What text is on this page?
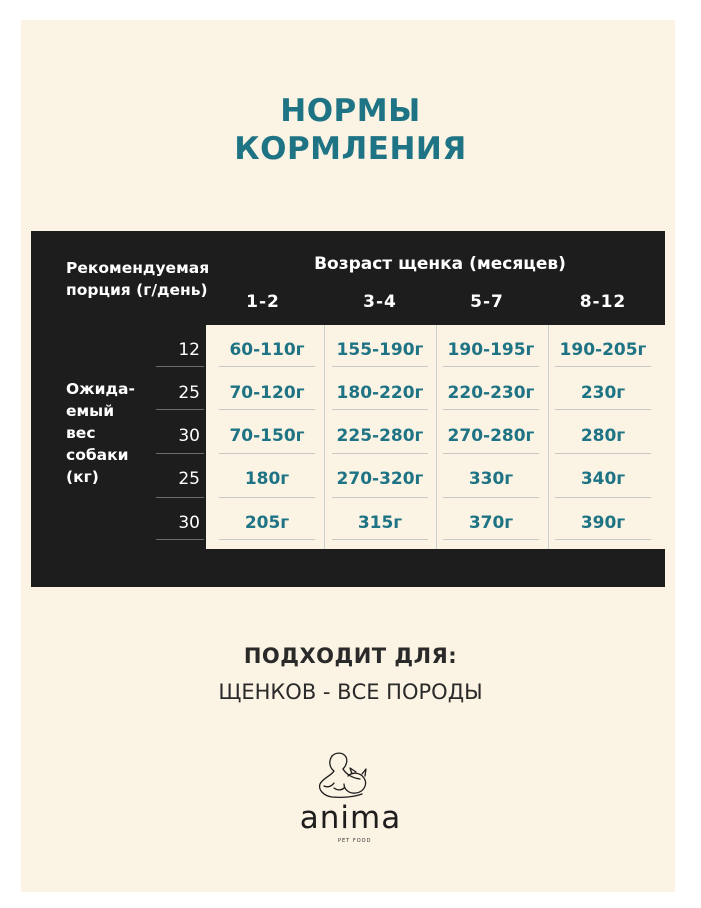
НОРМЫ
КОРМЛЕНИЯ
Рекомендуемая
порция (г/день)
Возраст щенка (месяцев)
1-2	3-4	5-7	8-12
Ожида-
емый
вес
собаки
(кг)
12	60-110г	155-190г	190-195г	190-205г
25	70-120г	180-220г	220-230г	230г
30	70-150г	225-280г	270-280г	280г
25	180г	270-320г	330г	340г
30	205г	315г	370г	390г
ПОДХОДИТ ДЛЯ:
ЩЕНКОВ - ВСЕ ПОРОДЫ
anima
PET FOOD
